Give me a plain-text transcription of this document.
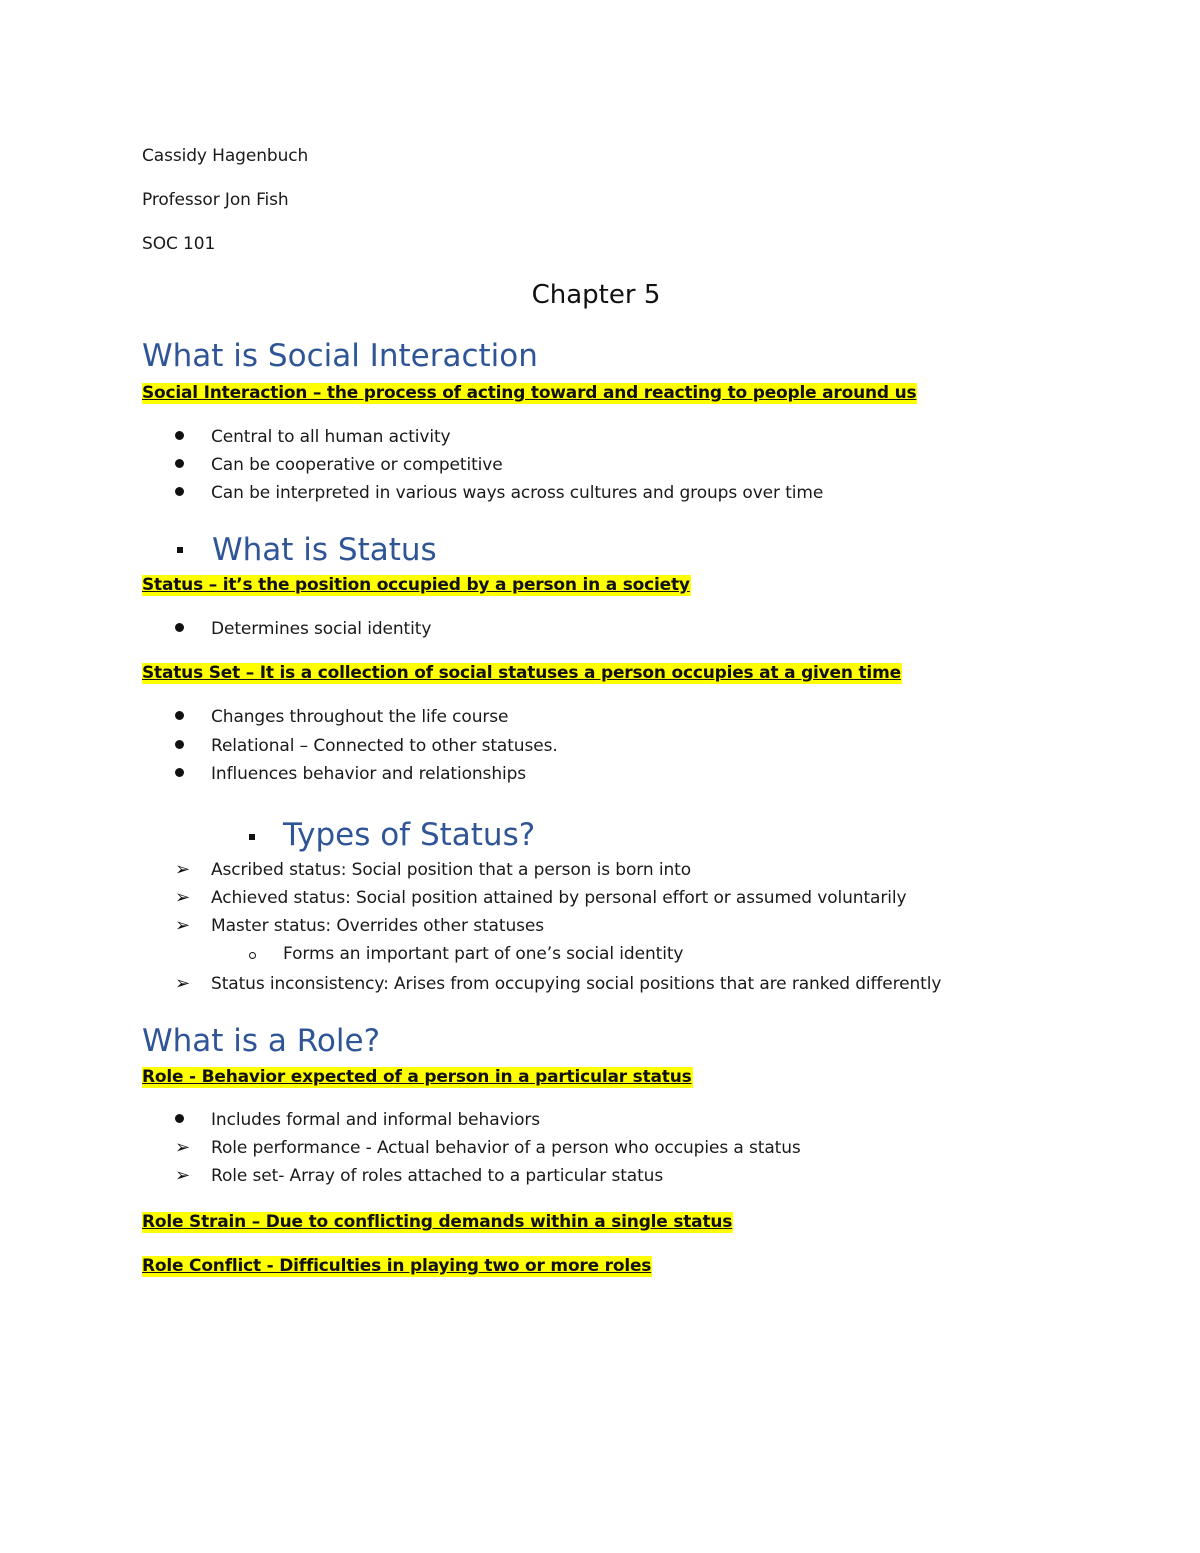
Cassidy Hagenbuch
Professor Jon Fish
SOC 101
Chapter 5
What is Social Interaction
Social Interaction – the process of acting toward and reacting to people around us
Central to all human activity
Can be cooperative or competitive
Can be interpreted in various ways across cultures and groups over time
What is Status
Status – it’s the position occupied by a person in a society
Determines social identity
Status Set – It is a collection of social statuses a person occupies at a given time
Changes throughout the life course
Relational – Connected to other statuses.
Influences behavior and relationships
Types of Status?
➢ Ascribed status: Social position that a person is born into
➢ Achieved status: Social position attained by personal effort or assumed voluntarily
➢ Master status: Overrides other statuses
Forms an important part of one’s social identity
➢ Status inconsistency: Arises from occupying social positions that are ranked differently
What is a Role?
Role - Behavior expected of a person in a particular status
Includes formal and informal behaviors
➢ Role performance - Actual behavior of a person who occupies a status
➢ Role set- Array of roles attached to a particular status
Role Strain – Due to conflicting demands within a single status
Role Conflict - Difficulties in playing two or more roles
